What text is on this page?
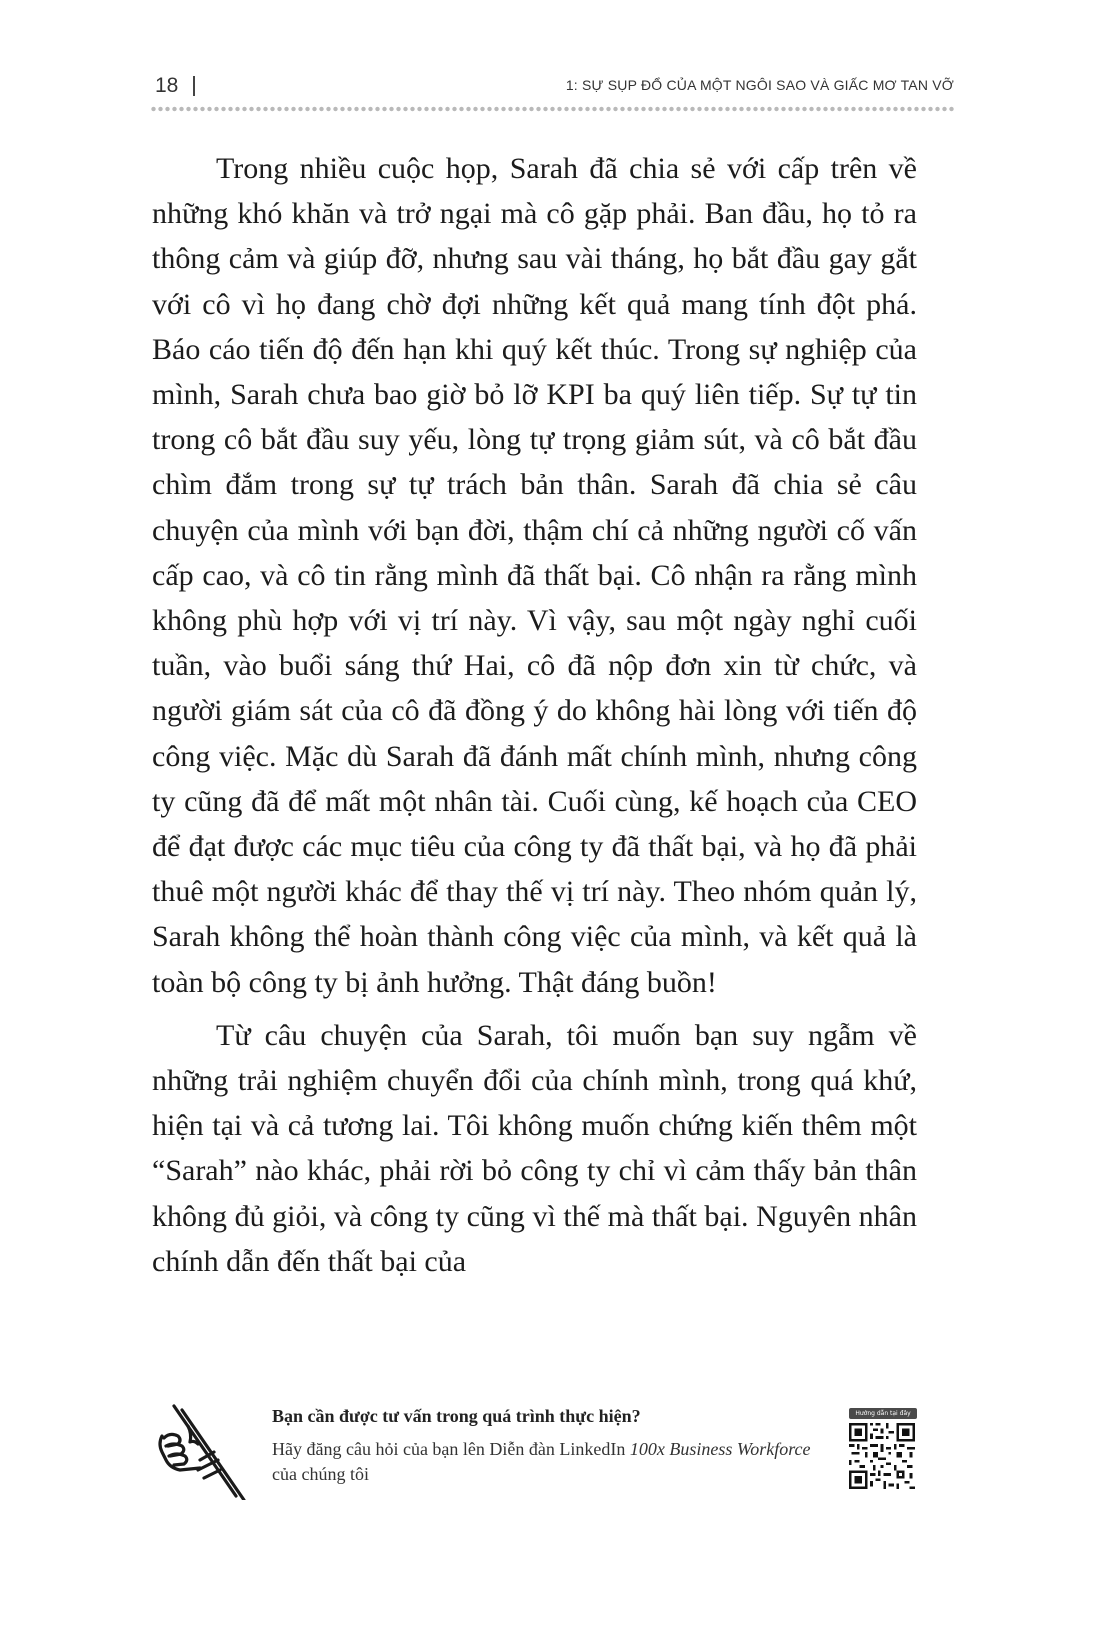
18	1: SỰ SỤP ĐỔ CỦA MỘT NGÔI SAO VÀ GIẤC MƠ TAN VỠ

Trong nhiều cuộc họp, Sarah đã chia sẻ với cấp trên về những khó khăn và trở ngại mà cô gặp phải. Ban đầu, họ tỏ ra thông cảm và giúp đỡ, nhưng sau vài tháng, họ bắt đầu gay gắt với cô vì họ đang chờ đợi những kết quả mang tính đột phá. Báo cáo tiến độ đến hạn khi quý kết thúc. Trong sự nghiệp của mình, Sarah chưa bao giờ bỏ lỡ KPI ba quý liên tiếp. Sự tự tin trong cô bắt đầu suy yếu, lòng tự trọng giảm sút, và cô bắt đầu chìm đắm trong sự tự trách bản thân. Sarah đã chia sẻ câu chuyện của mình với bạn đời, thậm chí cả những người cố vấn cấp cao, và cô tin rằng mình đã thất bại. Cô nhận ra rằng mình không phù hợp với vị trí này. Vì vậy, sau một ngày nghỉ cuối tuần, vào buổi sáng thứ Hai, cô đã nộp đơn xin từ chức, và người giám sát của cô đã đồng ý do không hài lòng với tiến độ công việc. Mặc dù Sarah đã đánh mất chính mình, nhưng công ty cũng đã để mất một nhân tài. Cuối cùng, kế hoạch của CEO để đạt được các mục tiêu của công ty đã thất bại, và họ đã phải thuê một người khác để thay thế vị trí này. Theo nhóm quản lý, Sarah không thể hoàn thành công việc của mình, và kết quả là toàn bộ công ty bị ảnh hưởng. Thật đáng buồn!

Từ câu chuyện của Sarah, tôi muốn bạn suy ngẫm về những trải nghiệm chuyển đổi của chính mình, trong quá khứ, hiện tại và cả tương lai. Tôi không muốn chứng kiến thêm một “Sarah” nào khác, phải rời bỏ công ty chỉ vì cảm thấy bản thân không đủ giỏi, và công ty cũng vì thế mà thất bại. Nguyên nhân chính dẫn đến thất bại của

Bạn cần được tư vấn trong quá trình thực hiện?

Hãy đăng câu hỏi của bạn lên Diễn đàn LinkedIn 100x Business Workforce của chúng tôi

Hướng dẫn tại đây
